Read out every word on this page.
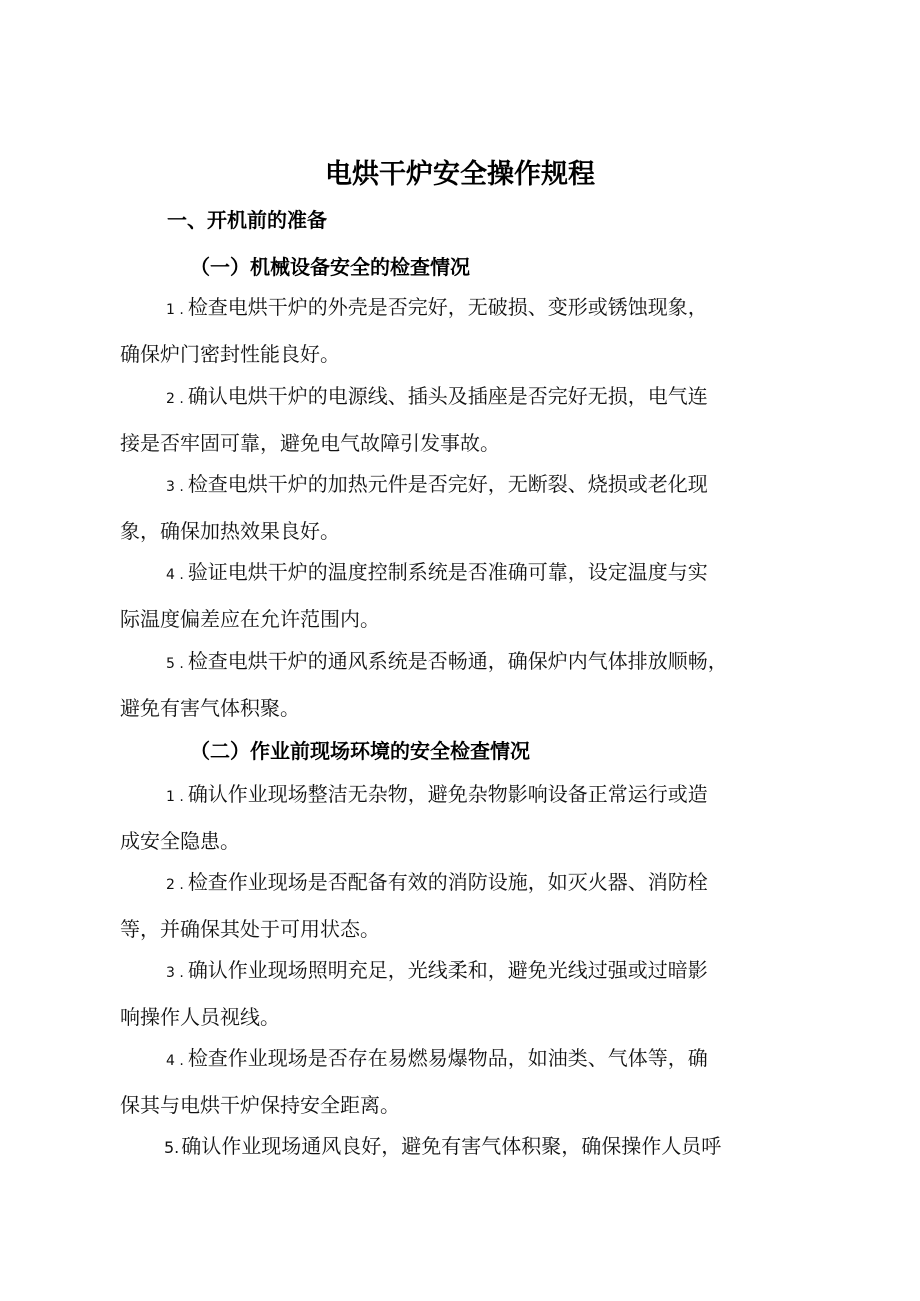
电烘干炉安全操作规程
一、开机前的准备
（一）机械设备安全的检查情况

1 . 检查电烘干炉的外壳是否完好，无破损、变形或锈蚀现象，
确保炉门密封性能良好。

2 . 确认电烘干炉的电源线、插头及插座是否完好无损，电气连
接是否牢固可靠，避免电气故障引发事故。

3 . 检查电烘干炉的加热元件是否完好，无断裂、烧损或老化现
象，确保加热效果良好。

4 . 验证电烘干炉的温度控制系统是否准确可靠，设定温度与实
际温度偏差应在允许范围内。

5 . 检查电烘干炉的通风系统是否畅通，确保炉内气体排放顺畅，
避免有害气体积聚。

（二）作业前现场环境的安全检查情况

1 . 确认作业现场整洁无杂物，避免杂物影响设备正常运行或造
成安全隐患。

2 . 检查作业现场是否配备有效的消防设施，如灭火器、消防栓
等，并确保其处于可用状态。

3 . 确认作业现场照明充足，光线柔和，避免光线过强或过暗影
响操作人员视线。

4 . 检查作业现场是否存在易燃易爆物品，如油类、气体等，确
保其与电烘干炉保持安全距离。

5. 确认作业现场通风良好，避免有害气体积聚，确保操作人员呼
